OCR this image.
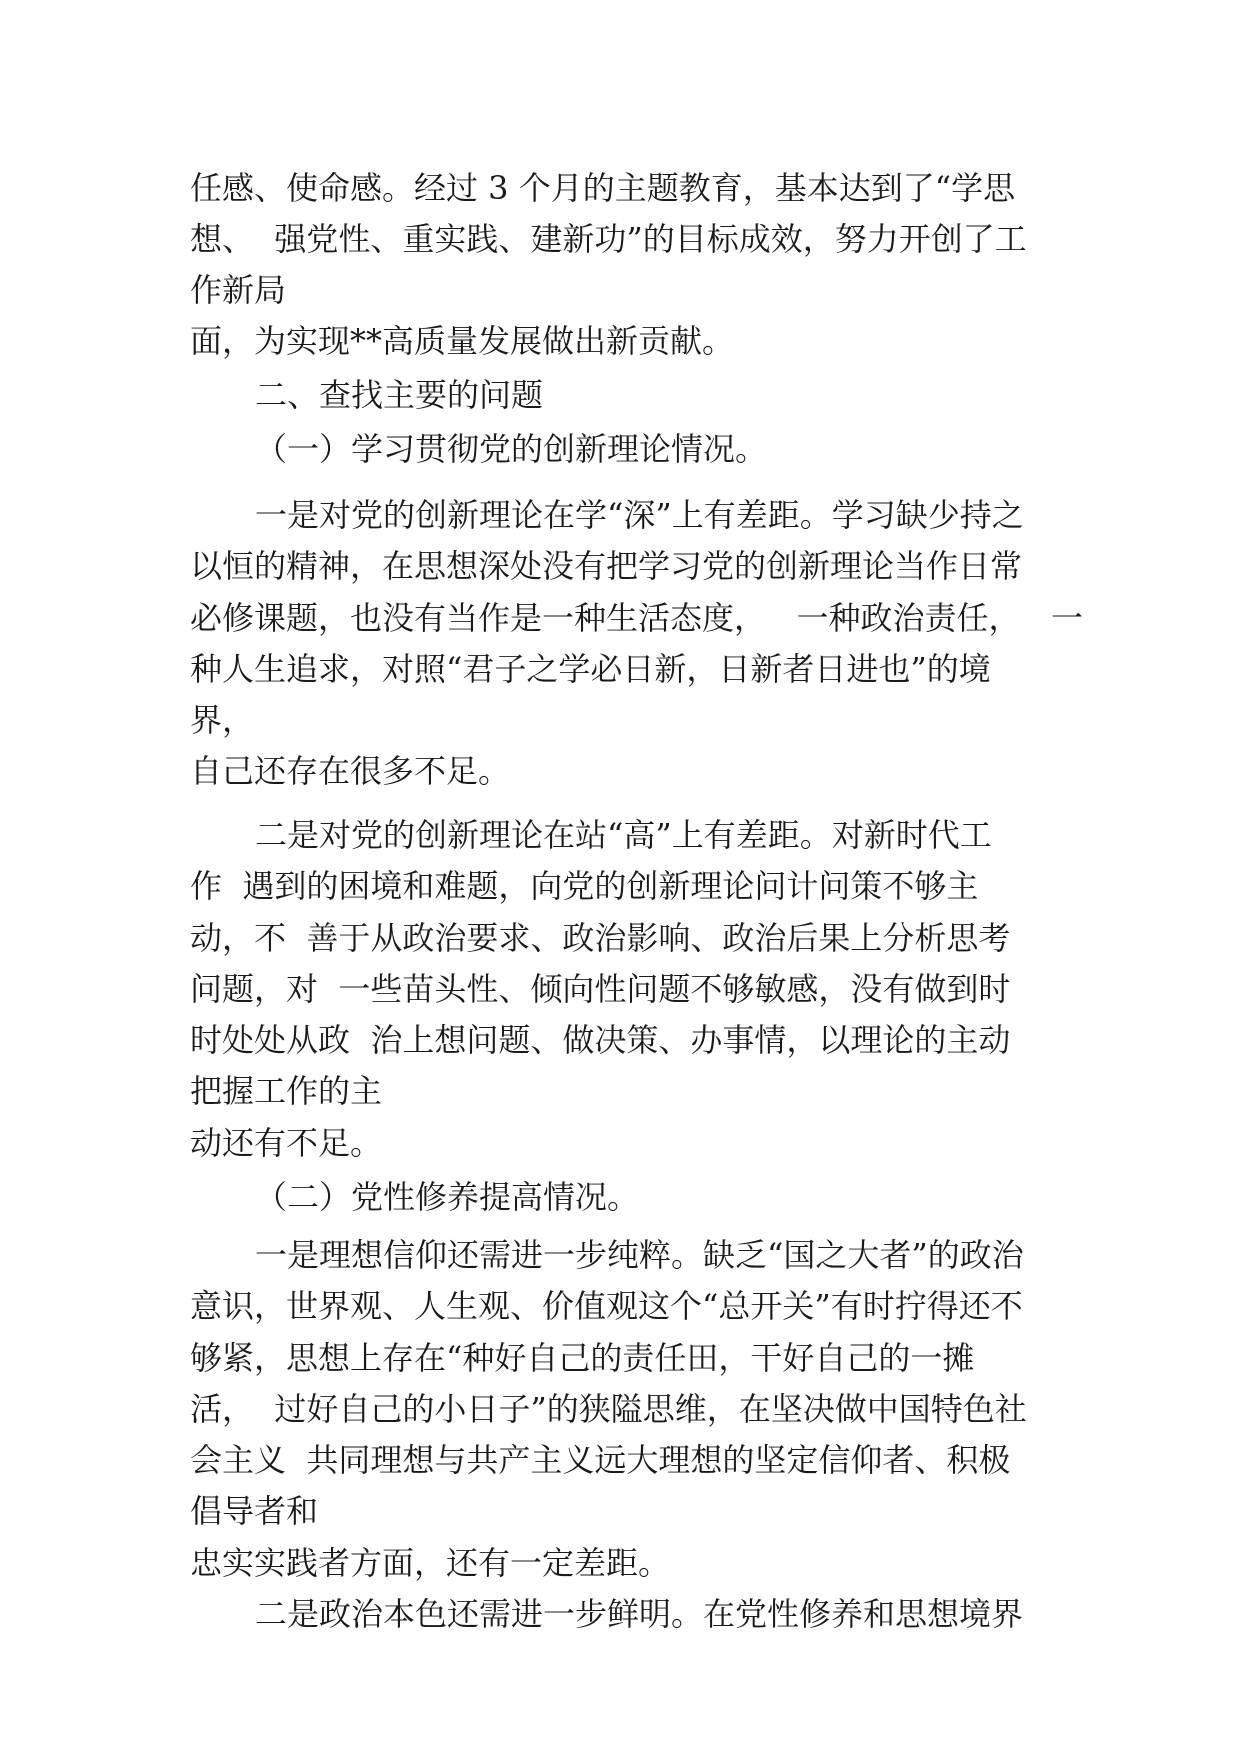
任感、使命感。经过 3 个月的主题教育，基本达到了“学思
想、  强党性、重实践、建新功”的目标成效，努力开创了工
作新局
面，为实现**高质量发展做出新贡献。
二、查找主要的问题
（一）学习贯彻党的创新理论情况。
一是对党的创新理论在学“深”上有差距。学习缺少持之
以恒的精神，在思想深处没有把学习党的创新理论当作日常
必修课题，也没有当作是一种生活态度，   一种政治责任，   一
种人生追求，对照“君子之学必日新，日新者日进也”的境
界，
自己还存在很多不足。
二是对党的创新理论在站“高”上有差距。对新时代工
作  遇到的困境和难题，向党的创新理论问计问策不够主
动，不  善于从政治要求、政治影响、政治后果上分析思考
问题，对  一些苗头性、倾向性问题不够敏感，没有做到时
时处处从政  治上想问题、做决策、办事情，以理论的主动
把握工作的主
动还有不足。
（二）党性修养提高情况。
一是理想信仰还需进一步纯粹。缺乏“国之大者”的政治
意识，世界观、人生观、价值观这个“总开关”有时拧得还不
够紧，思想上存在“种好自己的责任田，干好自己的一摊
活，  过好自己的小日子”的狭隘思维，在坚决做中国特色社
会主义  共同理想与共产主义远大理想的坚定信仰者、积极
倡导者和
忠实实践者方面，还有一定差距。
二是政治本色还需进一步鲜明。在党性修养和思想境界
